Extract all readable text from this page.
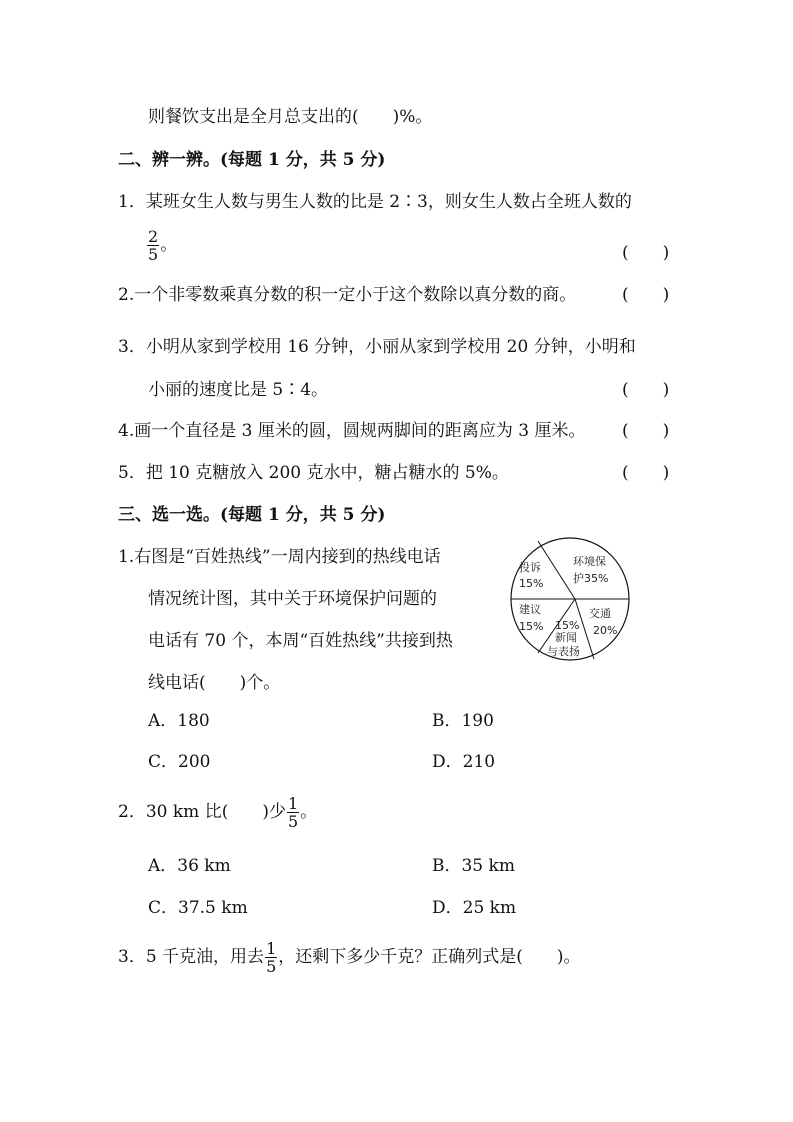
则餐饮支出是全月总支出的(　　)%。
二、辨一辨。(每题 1 分，共 5 分)
1．某班女生人数与男生人数的比是 2∶3，则女生人数占全班人数的
$\frac{2}{5}$ 。	(　　)
2.一个非零数乘真分数的积一定小于这个数除以真分数的商。	(　　)
3．小明从家到学校用 16 分钟，小丽从家到学校用 20 分钟，小明和
小丽的速度比是 5∶4。	(　　)
4.画一个直径是 3 厘米的圆，圆规两脚间的距离应为 3 厘米。 (　　)
5．把 10 克糖放入 200 克水中，糖占糖水的 5%。	(　　)
三、选一选。(每题 1 分，共 5 分)
1.右图是“百姓热线”一周内接到的热线电话
情况统计图，其中关于环境保护问题的
电话有 70 个，本周“百姓热线”共接到热
线电话(　　)个。
投诉
15%
环境保
护35%
建议
15%
交通
20%
15%
新闻
与表扬
A．180	B．190
C．200	D．210
2．30 km 比(　　)少 $\frac{1}{5}$ 。
A．36 km	B．35 km
C．37.5 km	D．25 km
3．5 千克油，用去 $\frac{1}{5}$ ，还剩下多少千克？正确列式是(　　)。
